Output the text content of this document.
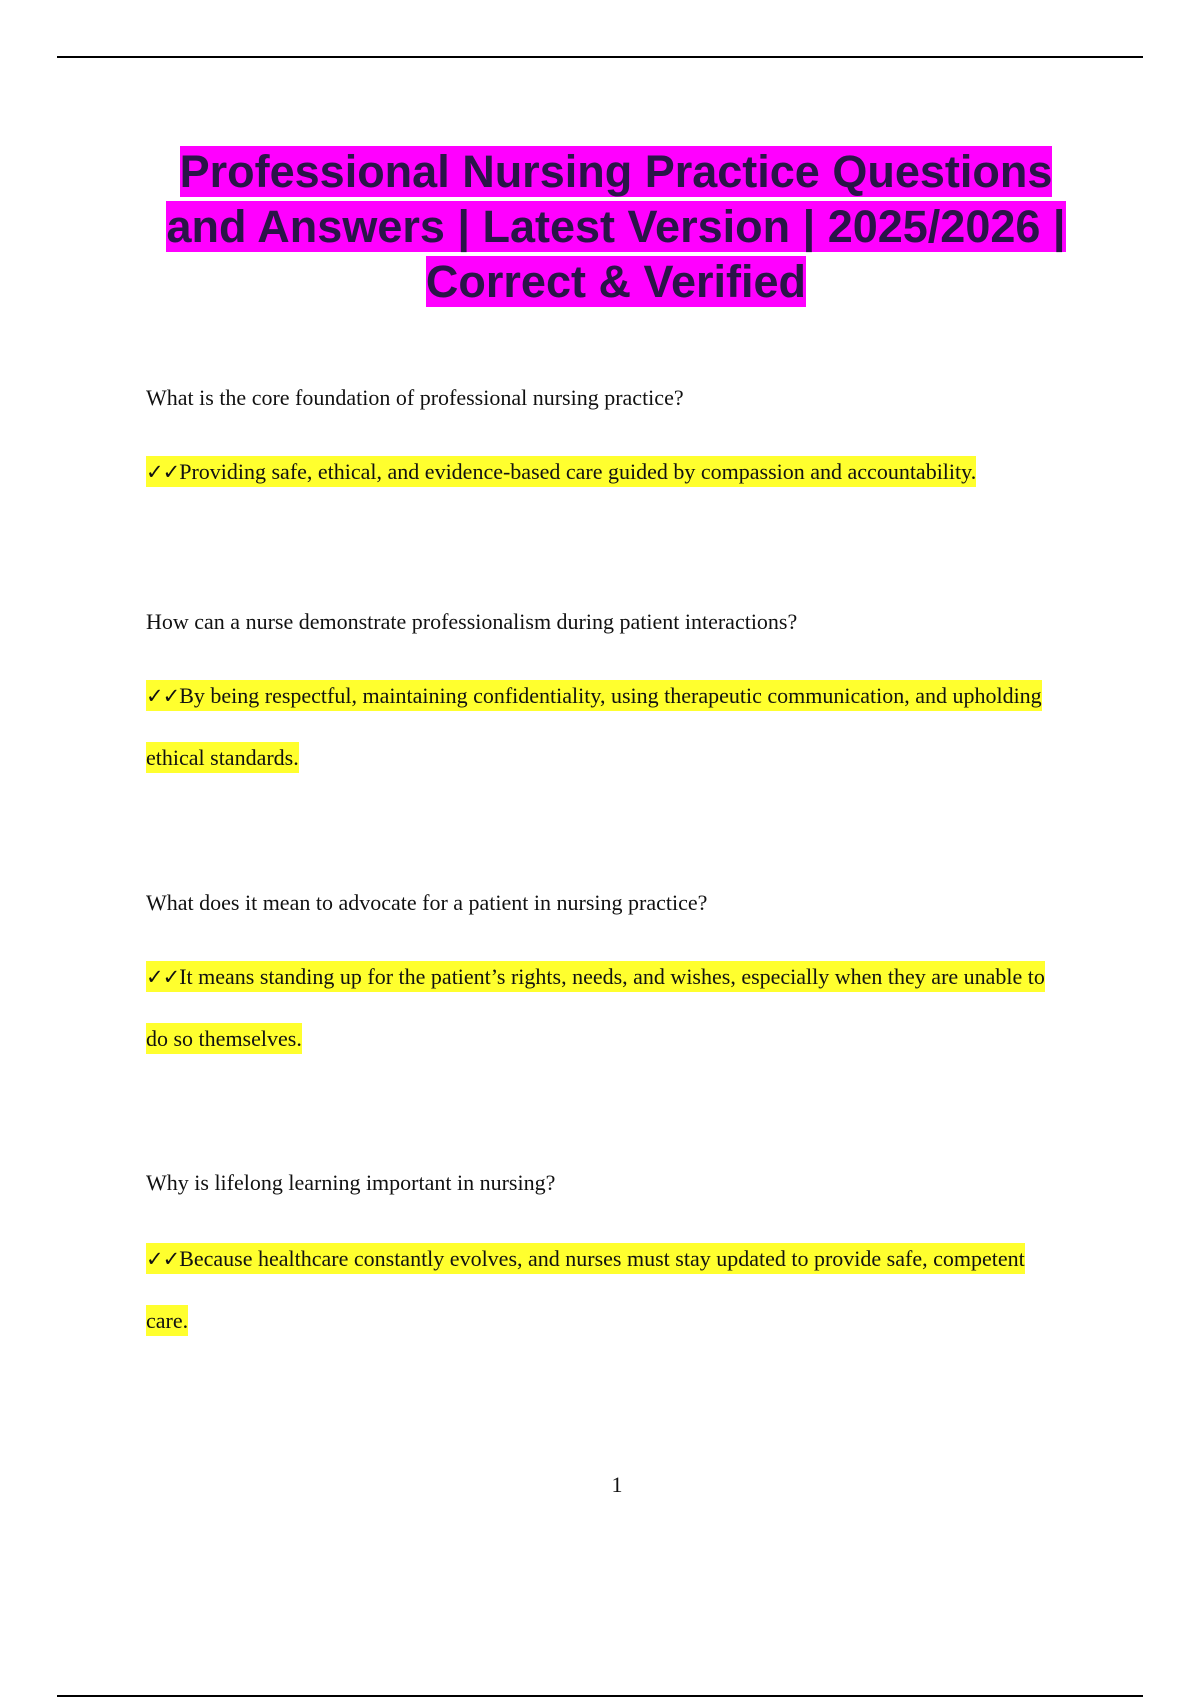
Professional Nursing Practice Questions and Answers | Latest Version | 2025/2026 | Correct & Verified

What is the core foundation of professional nursing practice?

✓✓Providing safe, ethical, and evidence-based care guided by compassion and accountability.

How can a nurse demonstrate professionalism during patient interactions?

✓✓By being respectful, maintaining confidentiality, using therapeutic communication, and upholding ethical standards.

What does it mean to advocate for a patient in nursing practice?

✓✓It means standing up for the patient’s rights, needs, and wishes, especially when they are unable to do so themselves.

Why is lifelong learning important in nursing?

✓✓Because healthcare constantly evolves, and nurses must stay updated to provide safe, competent care.

1
